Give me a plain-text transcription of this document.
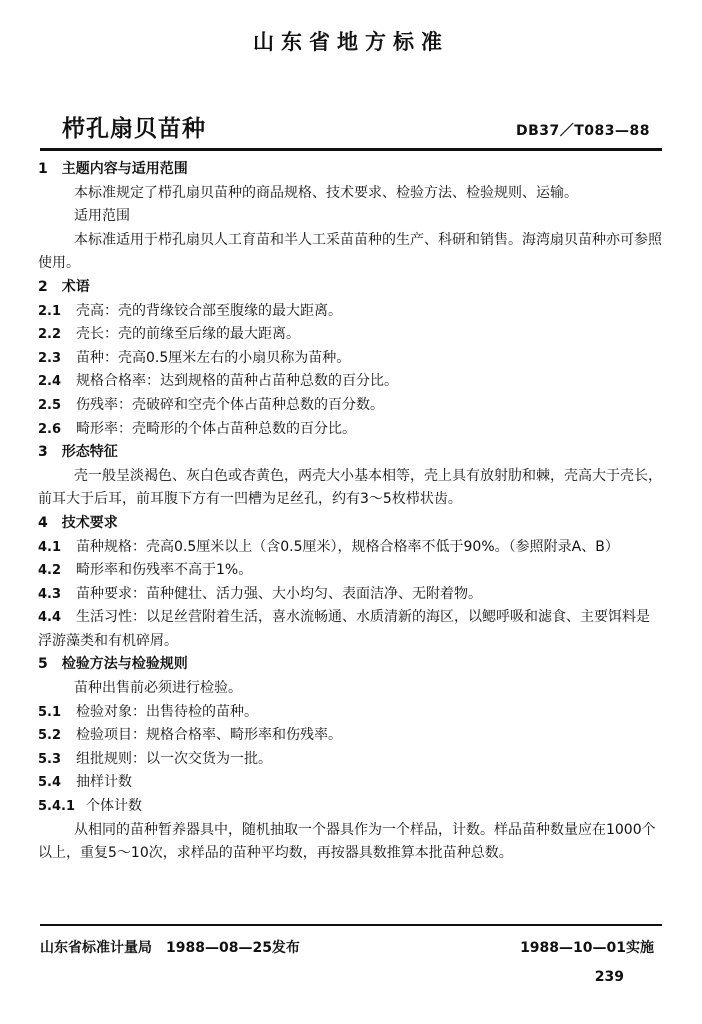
山东省地方标准
栉孔扇贝苗种	DB37／T083—88

1　主题内容与适用范围

本标准规定了栉孔扇贝苗种的商品规格、技术要求、检验方法、检验规则、运输。

适用范围

本标准适用于栉孔扇贝人工育苗和半人工采苗苗种的生产、科研和销售。海湾扇贝苗种亦可参照使用。

2　术语

2.1 壳高：壳的背缘铰合部至腹缘的最大距离。

2.2 壳长：壳的前缘至后缘的最大距离。

2.3 苗种：壳高0.5厘米左右的小扇贝称为苗种。

2.4 规格合格率：达到规格的苗种占苗种总数的百分比。

2.5 伤残率：壳破碎和空壳个体占苗种总数的百分数。

2.6 畸形率：壳畸形的个体占苗种总数的百分比。

3　形态特征

壳一般呈淡褐色、灰白色或杏黄色，两壳大小基本相等，壳上具有放射肋和棘，壳高大于壳长，前耳大于后耳，前耳腹下方有一凹槽为足丝孔，约有3～5枚栉状齿。

4　技术要求

4.1 苗种规格：壳高0.5厘米以上（含0.5厘米），规格合格率不低于90%。（参照附录A、B）

4.2 畸形率和伤残率不高于1%。

4.3 苗种要求：苗种健壮、活力强、大小均匀、表面洁净、无附着物。

4.4 生活习性：以足丝营附着生活，喜水流畅通、水质清新的海区，以鳃呼吸和滤食、主要饵料是浮游藻类和有机碎屑。

5　检验方法与检验规则

苗种出售前必须进行检验。

5.1 检验对象：出售待检的苗种。

5.2 检验项目：规格合格率、畸形率和伤残率。

5.3 组批规则：以一次交货为一批。

5.4 抽样计数

5.4.1 个体计数

从相同的苗种暂养器具中，随机抽取一个器具作为一个样品，计数。样品苗种数量应在1000个以上，重复5～10次，求样品的苗种平均数，再按器具数推算本批苗种总数。

山东省标准计量局　1988—08—25发布	1988—10—01实施
239
